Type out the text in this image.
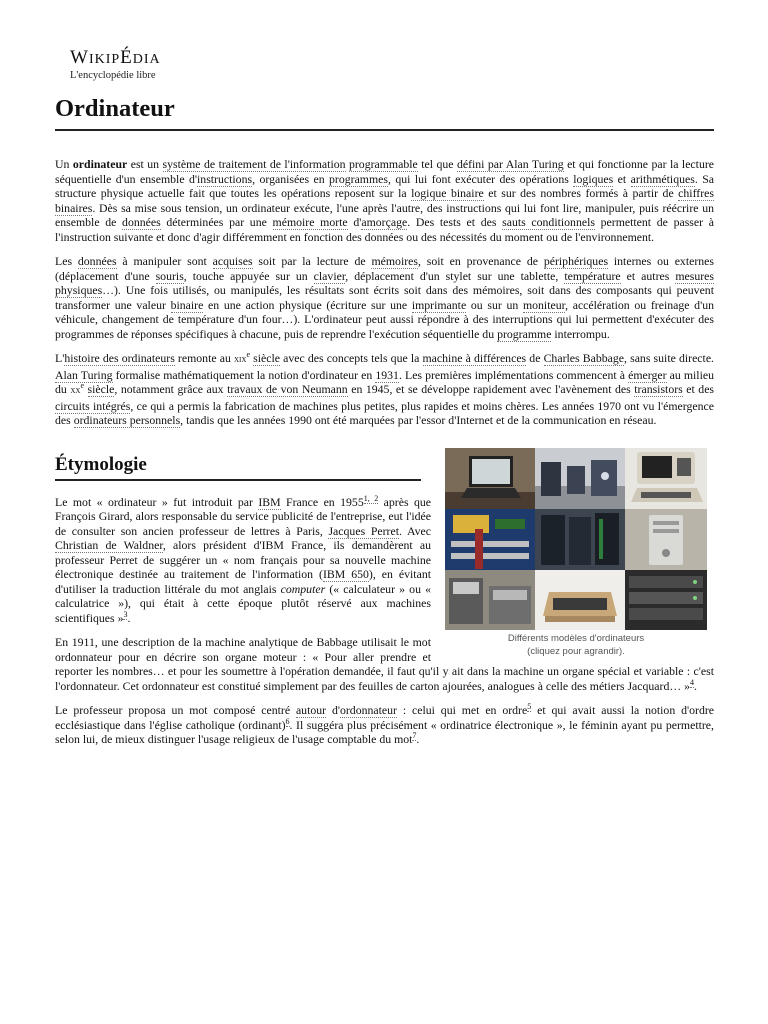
WIKIPÉDIA
L'encyclopédie libre
Ordinateur

Un ordinateur est un système de traitement de l'information programmable tel que défini par Alan Turing et qui fonctionne par la lecture séquentielle d'un ensemble d'instructions, organisées en programmes, qui lui font exécuter des opérations logiques et arithmétiques. Sa structure physique actuelle fait que toutes les opérations reposent sur la logique binaire et sur des nombres formés à partir de chiffres binaires. Dès sa mise sous tension, un ordinateur exécute, l'une après l'autre, des instructions qui lui font lire, manipuler, puis réécrire un ensemble de données déterminées par une mémoire morte d'amorçage. Des tests et des sauts conditionnels permettent de passer à l'instruction suivante et donc d'agir différemment en fonction des données ou des nécessités du moment ou de l'environnement.

Les données à manipuler sont acquises soit par la lecture de mémoires, soit en provenance de périphériques internes ou externes (déplacement d'une souris, touche appuyée sur un clavier, déplacement d'un stylet sur une tablette, température et autres mesures physiques…). Une fois utilisés, ou manipulés, les résultats sont écrits soit dans des mémoires, soit dans des composants qui peuvent transformer une valeur binaire en une action physique (écriture sur une imprimante ou sur un moniteur, accélération ou freinage d'un véhicule, changement de température d'un four…). L'ordinateur peut aussi répondre à des interruptions qui lui permettent d'exécuter des programmes de réponses spécifiques à chacune, puis de reprendre l'exécution séquentielle du programme interrompu.

L'histoire des ordinateurs remonte au xix$^e$ siècle avec des concepts tels que la machine à différences de Charles Babbage, sans suite directe. Alan Turing formalise mathématiquement la notion d'ordinateur en 1931. Les premières implémentations commencent à émerger au milieu du $xx^e$ siècle, notamment grâce aux travaux de von Neumann en 1945, et se développe rapidement avec l'avènement des transistors et des circuits intégrés, ce qui a permis la fabrication de machines plus petites, plus rapides et moins chères. Les années 1970 ont vu l'émergence des ordinateurs personnels, tandis que les années 1990 ont été marquées par l'essor d'Internet et de la communication en réseau.

Différents modèles d'ordinateurs
(cliquez pour agrandir).
Étymologie

Le mot « ordinateur » fut introduit par IBM France en 1955$^{1, 2}$ après que François Girard, alors responsable du service publicité de l'entreprise, eut l'idée de consulter son ancien professeur de lettres à Paris, Jacques Perret. Avec Christian de Waldner, alors président d'IBM France, ils demandèrent au professeur Perret de suggérer un « nom français pour sa nouvelle machine électronique destinée au traitement de l'information (IBM 650), en évitant d'utiliser la traduction littérale du mot anglais computer (« calculateur » ou « calculatrice »), qui était à cette époque plutôt réservé aux machines scientifiques »$^3$.

En 1911, une description de la machine analytique de Babbage utilisait le mot ordonnateur pour en décrire son organe moteur : « Pour aller prendre et reporter les nombres… et pour les soumettre à l'opération demandée, il faut qu'il y ait dans la machine un organe spécial et variable : c'est l'ordonnateur. Cet ordonnateur est constitué simplement par des feuilles de carton ajourées, analogues à celle des métiers Jacquard… »$^4$.

Le professeur proposa un mot composé centré autour d'ordonnateur : celui qui met en ordre$^5$ et qui avait aussi la notion d'ordre ecclésiastique dans l'église catholique (ordinant)$^6$. Il suggéra plus précisément « ordinatrice électronique », le féminin ayant pu permettre, selon lui, de mieux distinguer l'usage religieux de l'usage comptable du mot$^7$.
